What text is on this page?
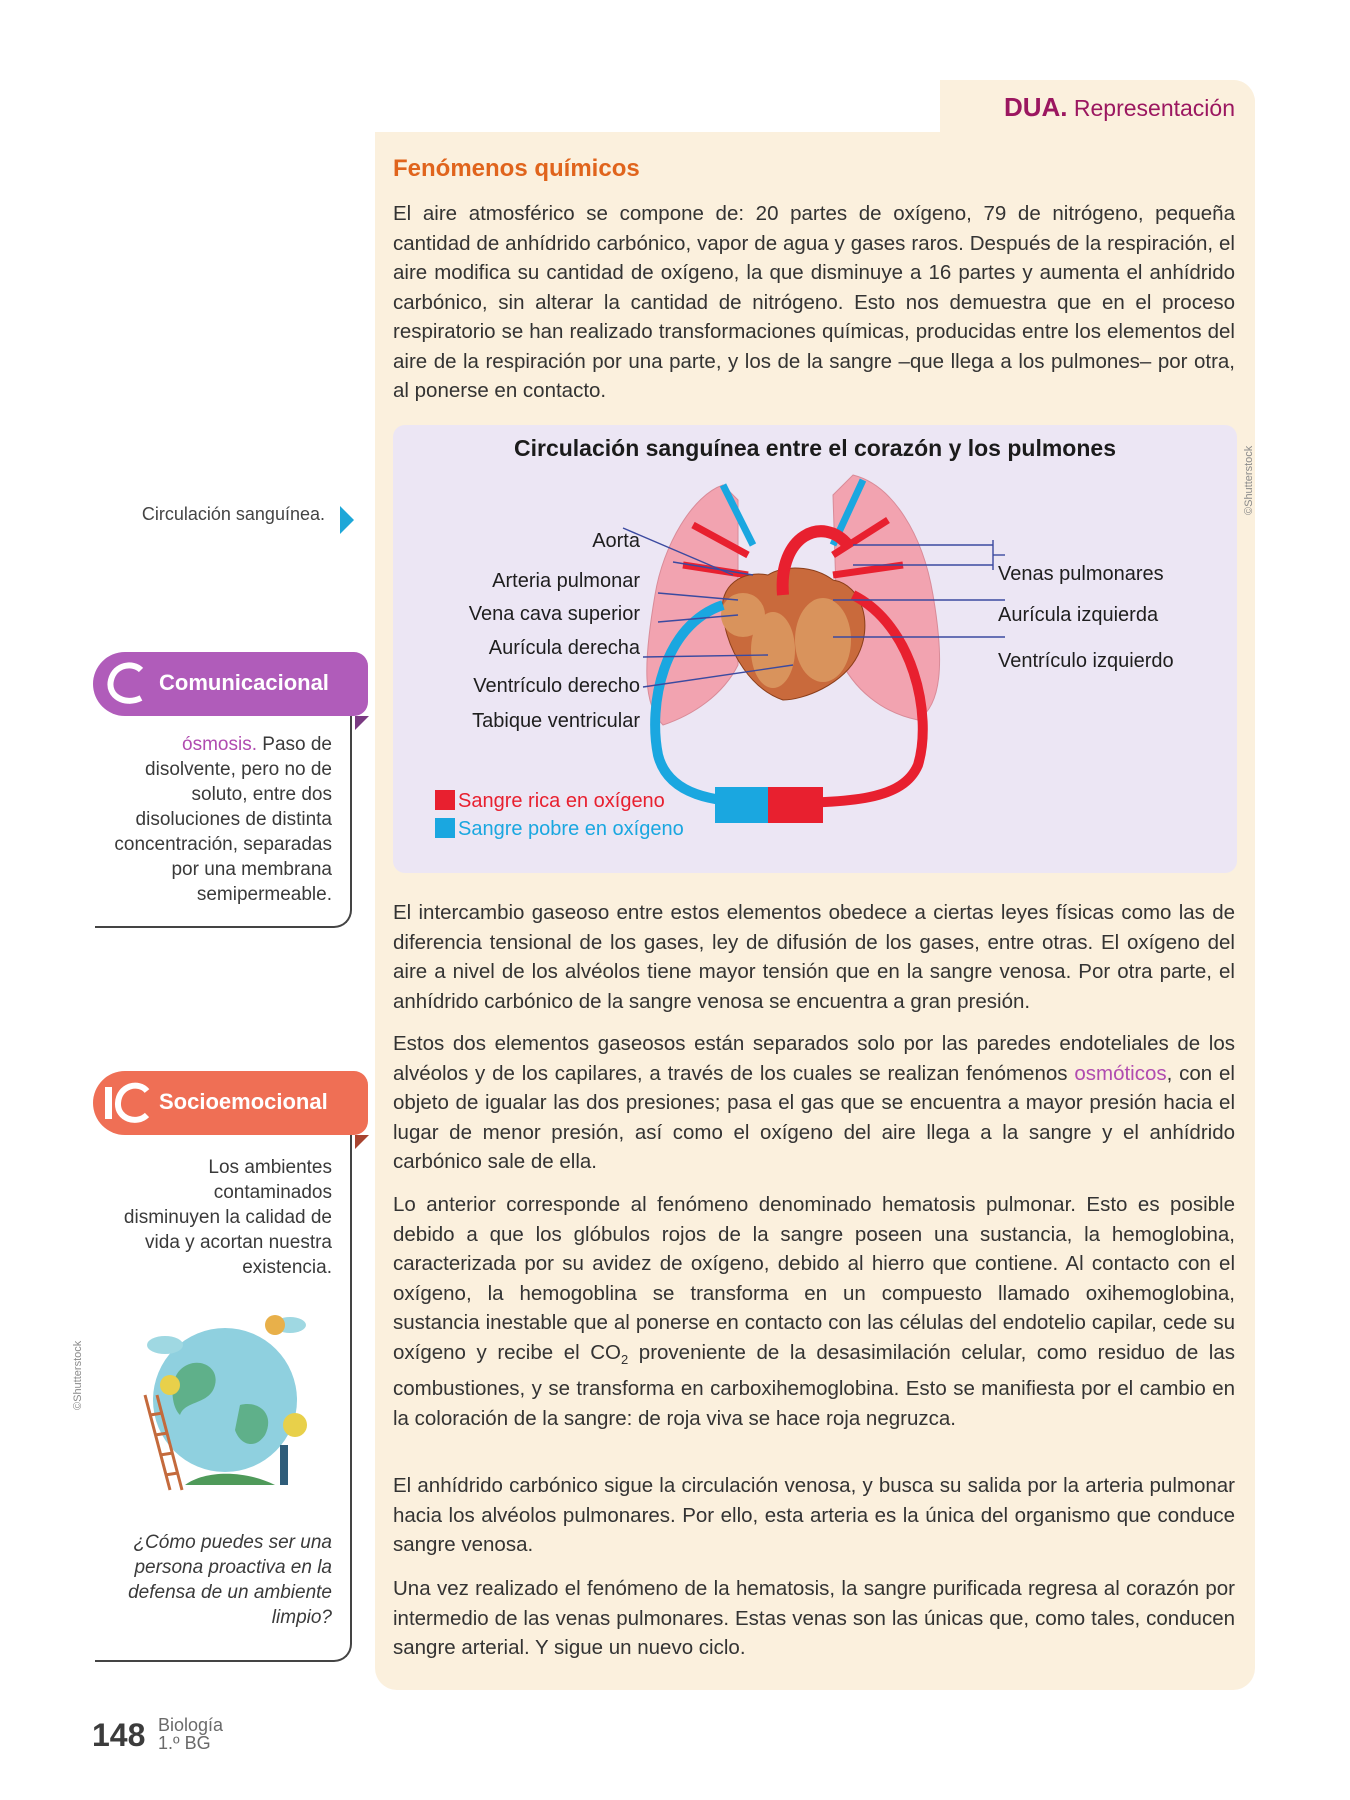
DUA. Representación
Fenómenos químicos

El aire atmosférico se compone de: 20 partes de oxígeno, 79 de nitrógeno, pequeña cantidad de anhídrido carbónico, vapor de agua y gases raros. Después de la respiración, el aire modifica su cantidad de oxígeno, la que disminuye a 16 partes y aumenta el anhídrido carbónico, sin alterar la cantidad de nitrógeno. Esto nos demuestra que en el proceso respiratorio se han realizado transformaciones químicas, producidas entre los elementos del aire de la respiración por una parte, y los de la sangre –que llega a los pulmones– por otra, al ponerse en contacto.

Circulación sanguínea entre el corazón y los pulmones
Aorta
Arteria pulmonar
Vena cava superior
Aurícula derecha
Ventrículo derecho
Tabique ventricular
Venas pulmonares
Aurícula izquierda
Ventrículo izquierdo
Sangre rica en oxígeno
Sangre pobre en oxígeno
©Shutterstock

El intercambio gaseoso entre estos elementos obedece a ciertas leyes físicas como las de diferencia tensional de los gases, ley de difusión de los gases, entre otras. El oxígeno del aire a nivel de los alvéolos tiene mayor tensión que en la sangre venosa. Por otra parte, el anhídrido carbónico de la sangre venosa se encuentra a gran presión.

Estos dos elementos gaseosos están separados solo por las paredes endoteliales de los alvéolos y de los capilares, a través de los cuales se realizan fenómenos osmóticos, con el objeto de igualar las dos presiones; pasa el gas que se encuentra a mayor presión hacia el lugar de menor presión, así como el oxígeno del aire llega a la sangre y el anhídrido carbónico sale de ella.

Lo anterior corresponde al fenómeno denominado hematosis pulmonar. Esto es posible debido a que los glóbulos rojos de la sangre poseen una sustancia, la hemoglobina, caracterizada por su avidez de oxígeno, debido al hierro que contiene. Al contacto con el oxígeno, la hemogoblina se transforma en un compuesto llamado oxihemoglobina, sustancia inestable que al ponerse en contacto con las células del endotelio capilar, cede su oxígeno y recibe el $CO_2$ proveniente de la desasimilación celular, como residuo de las combustiones, y se transforma en carboxihemoglobina. Esto se manifiesta por el cambio en la coloración de la sangre: de roja viva se hace roja negruzca.

El anhídrido carbónico sigue la circulación venosa, y busca su salida por la arteria pulmonar hacia los alvéolos pulmonares. Por ello, esta arteria es la única del organismo que conduce sangre venosa.

Una vez realizado el fenómeno de la hematosis, la sangre purificada regresa al corazón por intermedio de las venas pulmonares. Estas venas son las únicas que, como tales, conducen sangre arterial. Y sigue un nuevo ciclo.

Circulación sanguínea.
Comunicacional

ósmosis. Paso de disolvente, pero no de soluto, entre dos disoluciones de distinta concentración, separadas por una membrana semipermeable.

Socioemocional

Los ambientes contaminados disminuyen la calidad de vida y acortan nuestra existencia.

¿Cómo puedes ser una persona proactiva en la defensa de un ambiente limpio?

©Shutterstock
148 Biología
1.º BG
